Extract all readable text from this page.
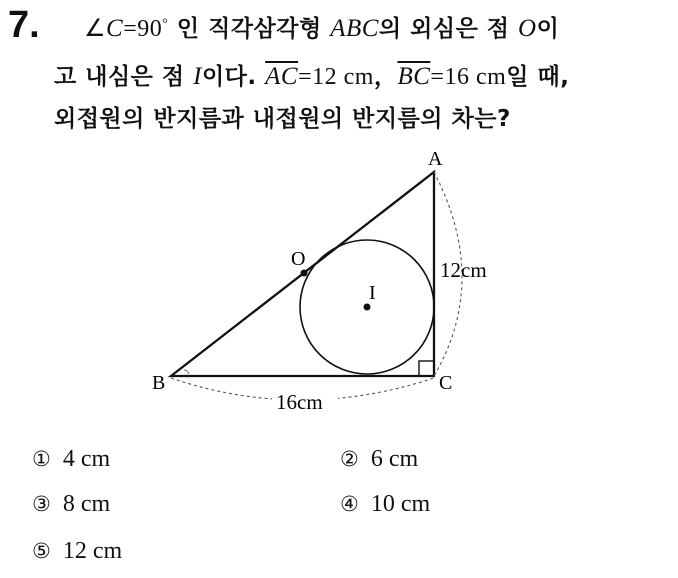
7. ∠C=90° 인 직각삼각형 ABC의 외심은 점 O이
고 내심은 점 I이다. $\overline{AC}=12$ cm，$\overline{BC}=16$ cm일 때,
외접원의 반지름과 내접원의 반지름의 차는?
A
B	C
O
I
12cm
16cm
① 4 cm	② 6 cm
③ 8 cm	④ 10 cm
⑤ 12 cm
